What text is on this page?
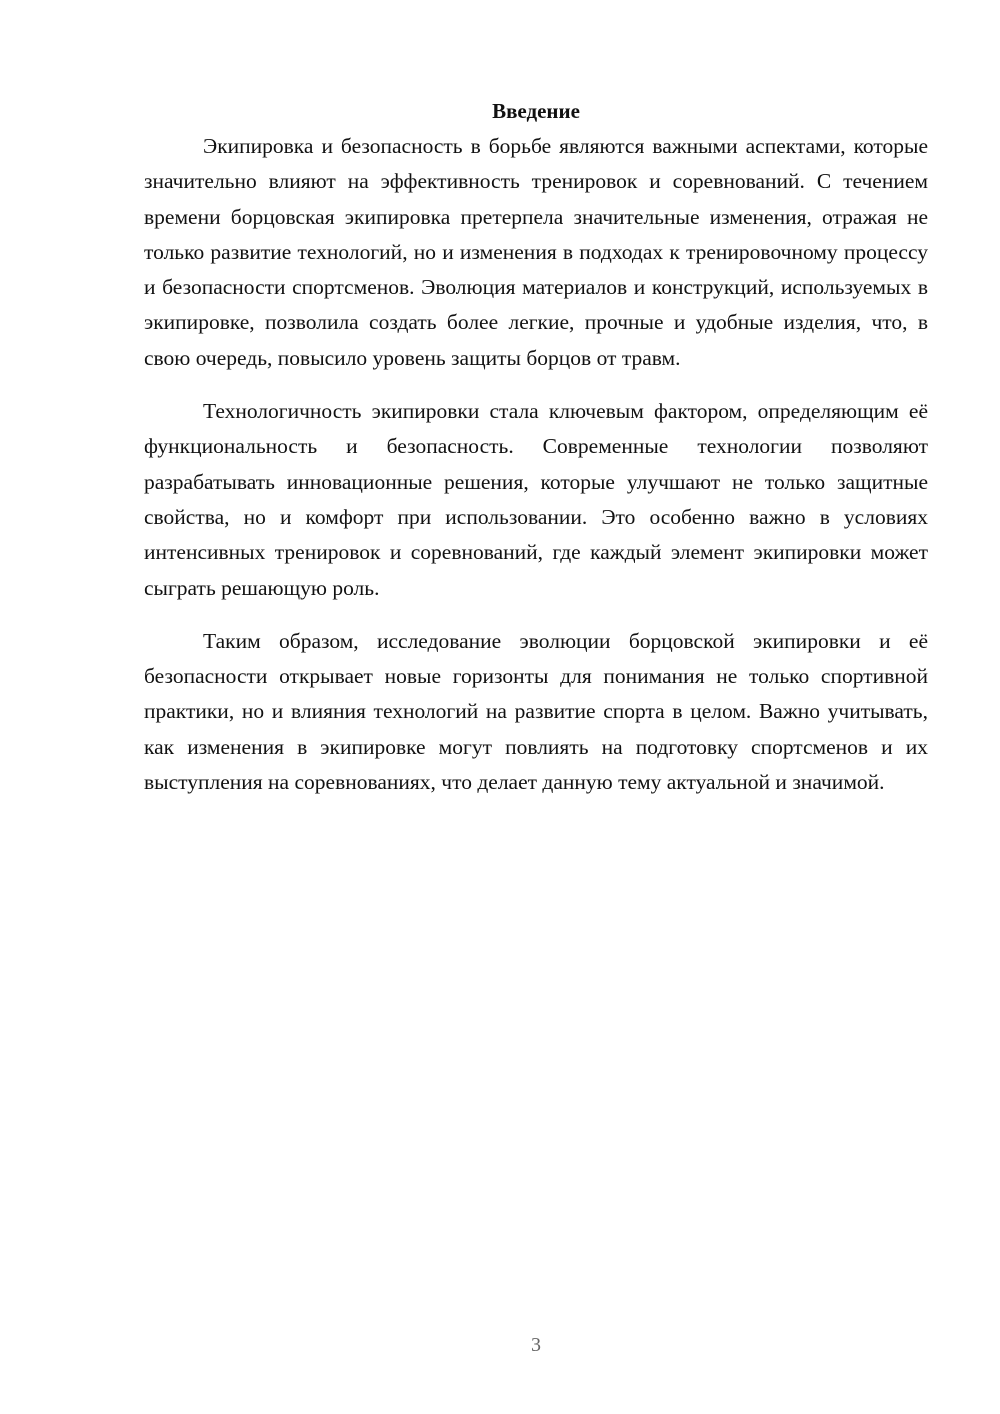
Введение

Экипировка и безопасность в борьбе являются важными аспектами, которые значительно влияют на эффективность тренировок и соревнований. С течением времени борцовская экипировка претерпела значительные изменения, отражая не только развитие технологий, но и изменения в подходах к тренировочному процессу и безопасности спортсменов. Эволюция материалов и конструкций, используемых в экипировке, позволила создать более легкие, прочные и удобные изделия, что, в свою очередь, повысило уровень защиты борцов от травм.

Технологичность экипировки стала ключевым фактором, определяющим её функциональность и безопасность. Современные технологии позволяют разрабатывать инновационные решения, которые улучшают не только защитные свойства, но и комфорт при использовании. Это особенно важно в условиях интенсивных тренировок и соревнований, где каждый элемент экипировки может сыграть решающую роль.

Таким образом, исследование эволюции борцовской экипировки и её безопасности открывает новые горизонты для понимания не только спортивной практики, но и влияния технологий на развитие спорта в целом. Важно учитывать, как изменения в экипировке могут повлиять на подготовку спортсменов и их выступления на соревнованиях, что делает данную тему актуальной и значимой.

3
